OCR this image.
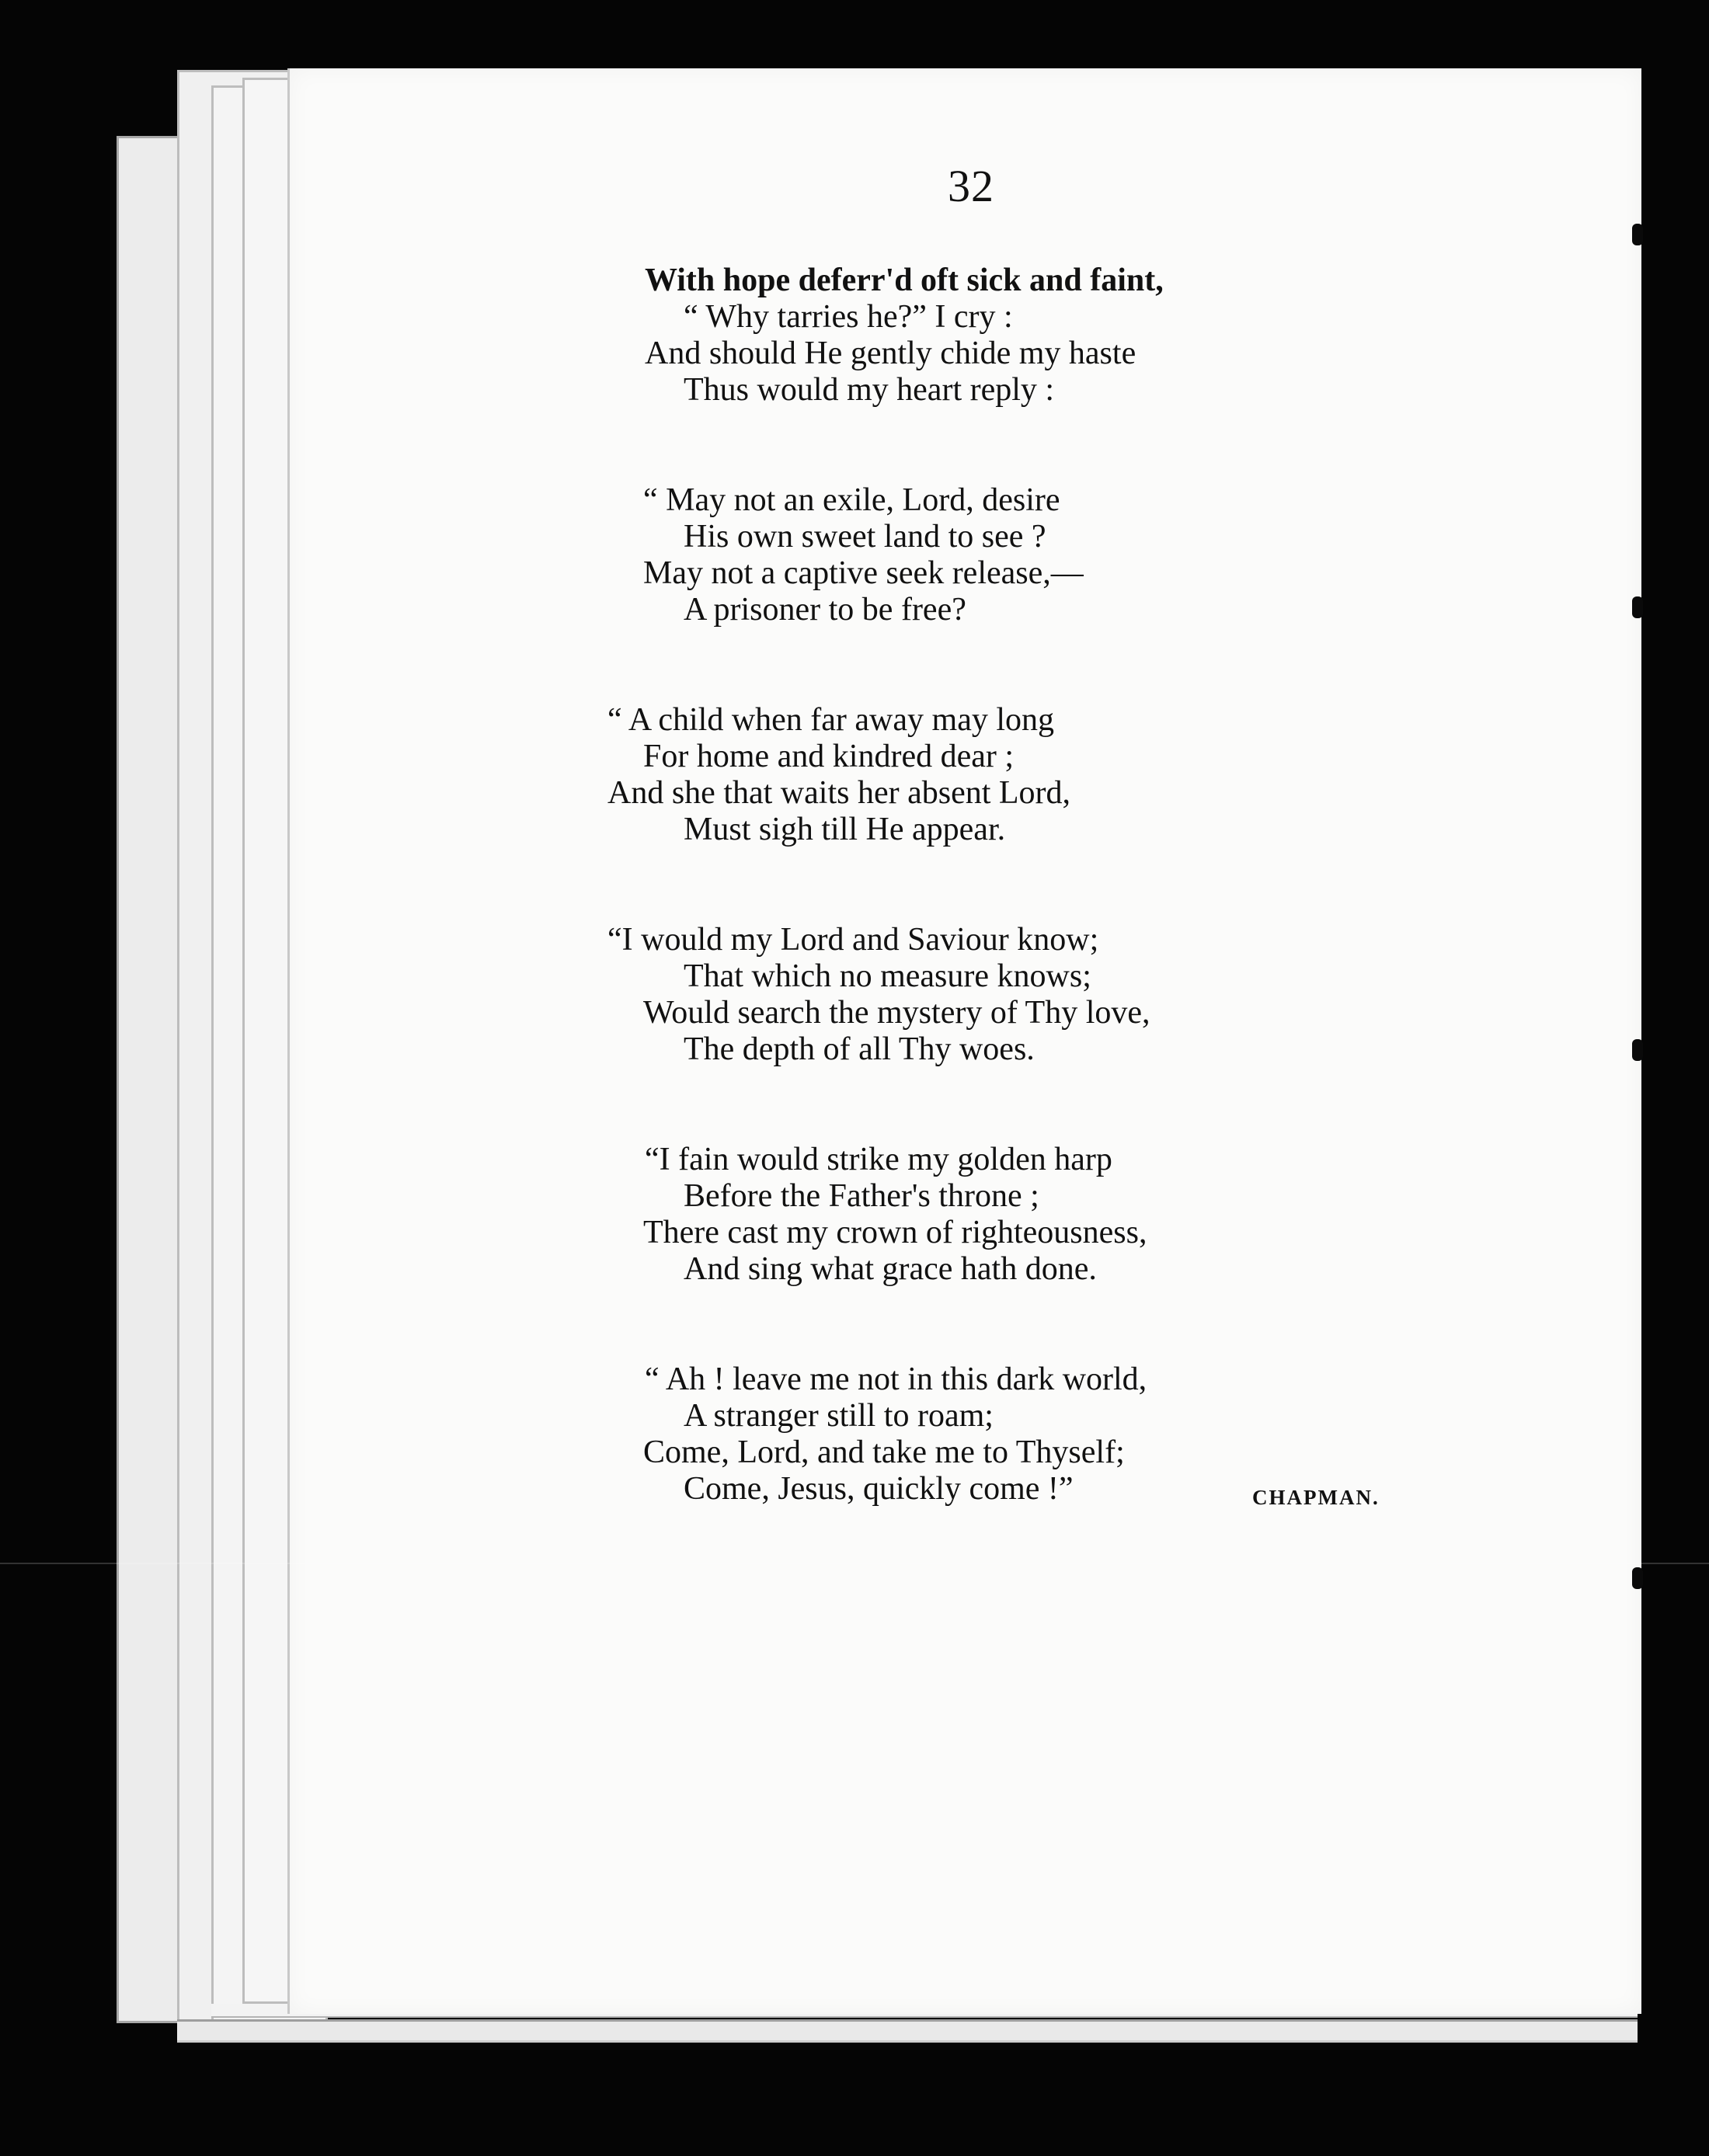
32
With hope deferr'd oft sick and faint,
“ Why tarries he?” I cry :
And should He gently chide my haste
Thus would my heart reply :
“ May not an exile, Lord, desire
His own sweet land to see ?
May not a captive seek release,—
A prisoner to be free?
“ A child when far away may long
For home and kindred dear ;
And she that waits her absent Lord,
Must sigh till He appear.
“I would my Lord and Saviour know;
That which no measure knows;
Would search the mystery of Thy love,
The depth of all Thy woes.
“I fain would strike my golden harp
Before the Father's throne ;
There cast my crown of righteousness,
And sing what grace hath done.
“ Ah ! leave me not in this dark world,
A stranger still to roam;
Come, Lord, and take me to Thyself;
Come, Jesus, quickly come !”	CHAPMAN.
